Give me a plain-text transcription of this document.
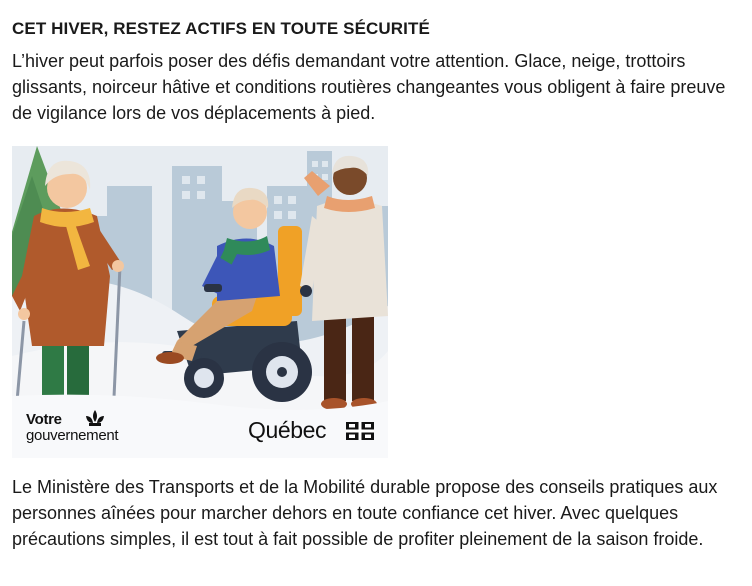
CET HIVER, RESTEZ ACTIFS EN TOUTE SÉCURITÉ

L’hiver peut parfois poser des défis demandant votre attention. Glace, neige, trottoirs glissants, noirceur hâtive et conditions routières changeantes vous obligent à faire preuve de vigilance lors de vos déplacements à pied.

Votre
gouvernement	Québec

Le Ministère des Transports et de la Mobilité durable propose des conseils pratiques aux personnes aînées pour marcher dehors en toute confiance cet hiver. Avec quelques précautions simples, il est tout à fait possible de profiter pleinement de la saison froide.
